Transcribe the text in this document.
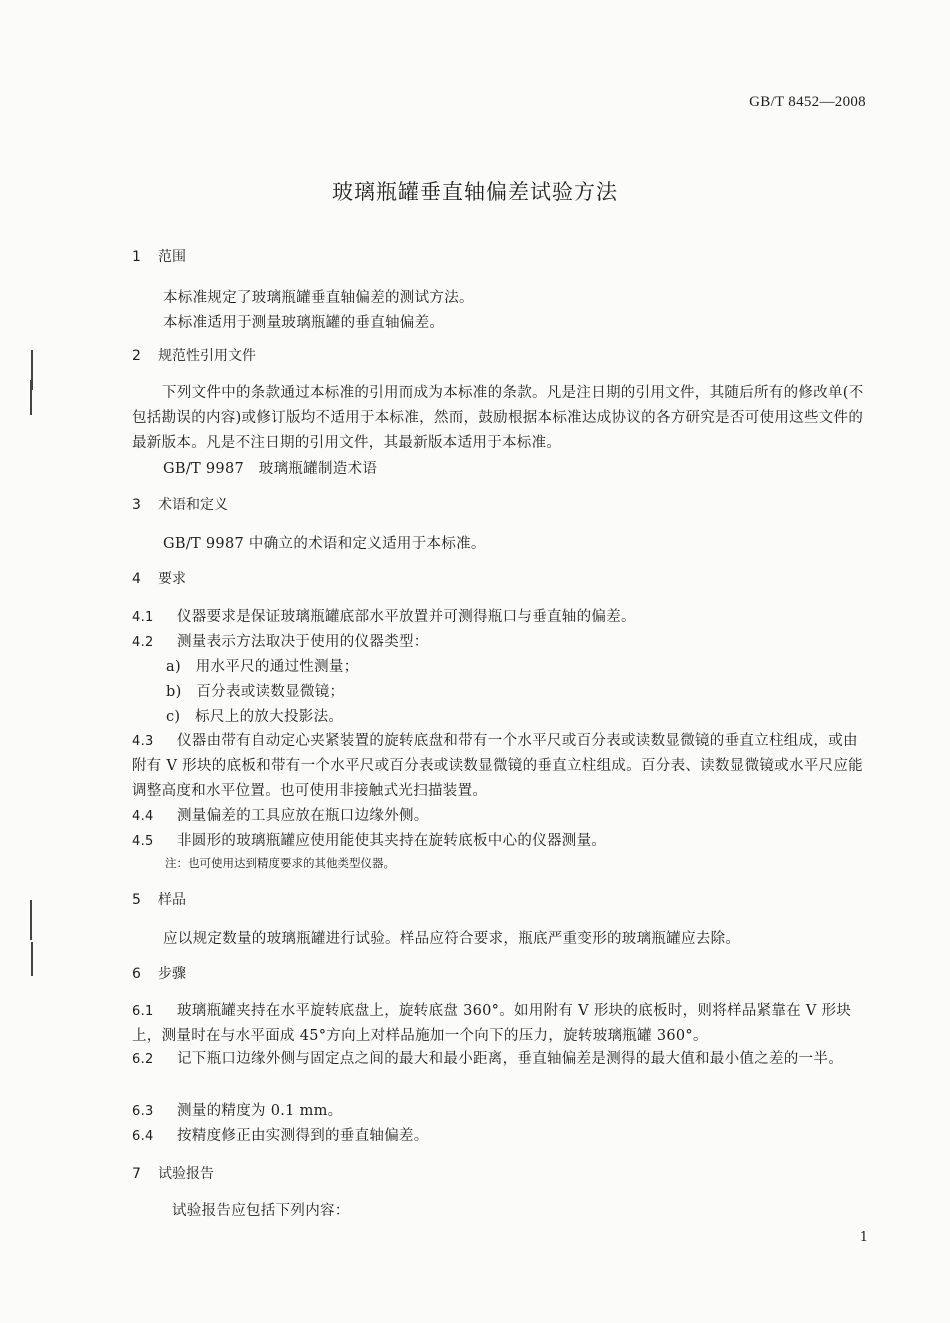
GB/T 8452—2008
玻璃瓶罐垂直轴偏差试验方法
1 范围
本标准规定了玻璃瓶罐垂直轴偏差的测试方法。
本标准适用于测量玻璃瓶罐的垂直轴偏差。
2 规范性引用文件
下列文件中的条款通过本标准的引用而成为本标准的条款。凡是注日期的引用文件，其随后所有的修改单(不包括勘误的内容)或修订版均不适用于本标准，然而，鼓励根据本标准达成协议的各方研究是否可使用这些文件的最新版本。凡是不注日期的引用文件，其最新版本适用于本标准。
GB/T 9987　玻璃瓶罐制造术语
3 术语和定义
GB/T 9987 中确立的术语和定义适用于本标准。
4 要求
4.1 仪器要求是保证玻璃瓶罐底部水平放置并可测得瓶口与垂直轴的偏差。
4.2 测量表示方法取决于使用的仪器类型：
a)　用水平尺的通过性测量；
b)　百分表或读数显微镜；
c)　标尺上的放大投影法。
4.3 仪器由带有自动定心夹紧装置的旋转底盘和带有一个水平尺或百分表或读数显微镜的垂直立柱组成，或由附有 V 形块的底板和带有一个水平尺或百分表或读数显微镜的垂直立柱组成。百分表、读数显微镜或水平尺应能调整高度和水平位置。也可使用非接触式光扫描装置。
4.4 测量偏差的工具应放在瓶口边缘外侧。
4.5 非圆形的玻璃瓶罐应使用能使其夹持在旋转底板中心的仪器测量。
注：也可使用达到精度要求的其他类型仪器。
5 样品
应以规定数量的玻璃瓶罐进行试验。样品应符合要求，瓶底严重变形的玻璃瓶罐应去除。
6 步骤
6.1 玻璃瓶罐夹持在水平旋转底盘上，旋转底盘 360°。如用附有 V 形块的底板时，则将样品紧靠在 V 形块上，测量时在与水平面成 45°方向上对样品施加一个向下的压力，旋转玻璃瓶罐 360°。
6.2 记下瓶口边缘外侧与固定点之间的最大和最小距离，垂直轴偏差是测得的最大值和最小值之差的一半。
6.3 测量的精度为 0.1 mm。
6.4 按精度修正由实测得到的垂直轴偏差。
7 试验报告
试验报告应包括下列内容：
1
